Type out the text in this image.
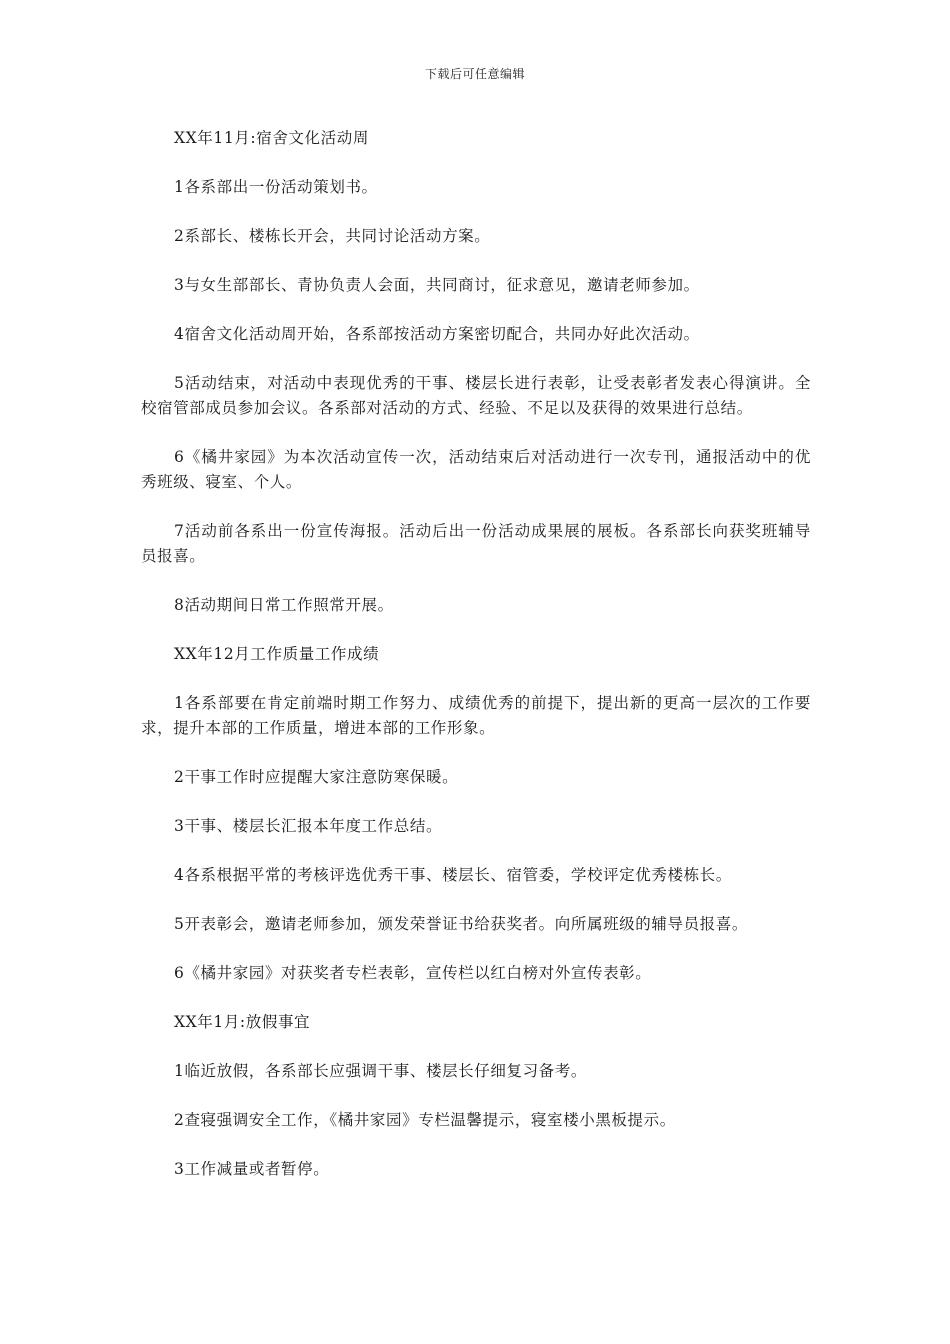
下载后可任意编辑

XX年11月:宿舍文化活动周

1各系部出一份活动策划书。

2系部长、楼栋长开会，共同讨论活动方案。

3与女生部部长、青协负责人会面，共同商讨，征求意见，邀请老师参加。

4宿舍文化活动周开始，各系部按活动方案密切配合，共同办好此次活动。

5活动结束，对活动中表现优秀的干事、楼层长进行表彰，让受表彰者发表心得演讲。全校宿管部成员参加会议。各系部对活动的方式、经验、不足以及获得的效果进行总结。

6《橘井家园》为本次活动宣传一次，活动结束后对活动进行一次专刊，通报活动中的优秀班级、寝室、个人。

7活动前各系出一份宣传海报。活动后出一份活动成果展的展板。各系部长向获奖班辅导员报喜。

8活动期间日常工作照常开展。

XX年12月工作质量工作成绩

1各系部要在肯定前端时期工作努力、成绩优秀的前提下，提出新的更高一层次的工作要求，提升本部的工作质量，增进本部的工作形象。

2干事工作时应提醒大家注意防寒保暖。

3干事、楼层长汇报本年度工作总结。

4各系根据平常的考核评选优秀干事、楼层长、宿管委，学校评定优秀楼栋长。

5开表彰会，邀请老师参加，颁发荣誉证书给获奖者。向所属班级的辅导员报喜。

6《橘井家园》对获奖者专栏表彰，宣传栏以红白榜对外宣传表彰。

XX年1月:放假事宜

1临近放假，各系部长应强调干事、楼层长仔细复习备考。

2查寝强调安全工作，《橘井家园》专栏温馨提示，寝室楼小黑板提示。

3工作减量或者暂停。
